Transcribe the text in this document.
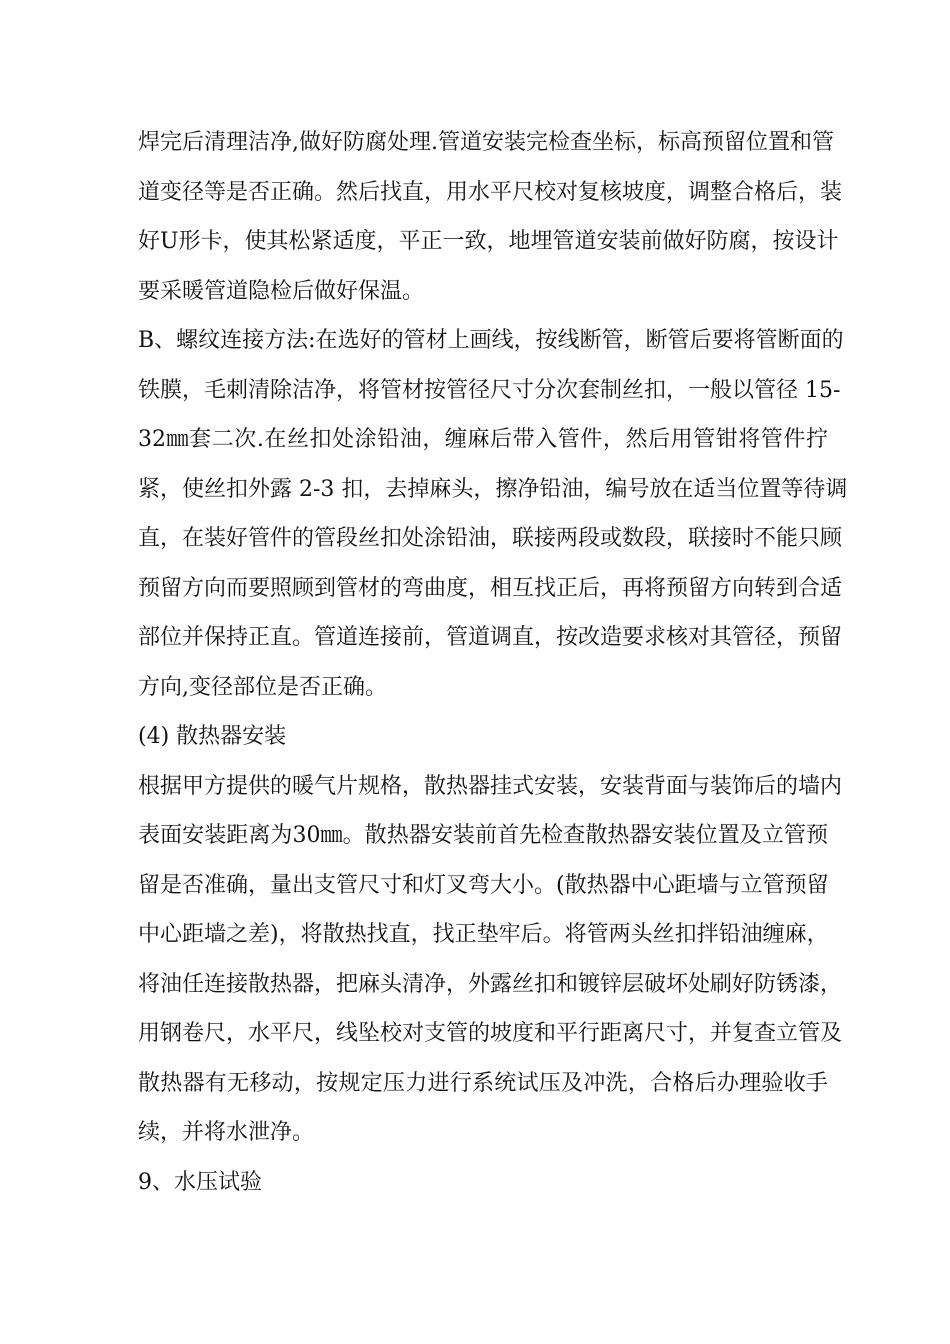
焊完后清理洁净,做好防腐处理.管道安装完检查坐标，标高预留位置和管
道变径等是否正确。然后找直，用水平尺校对复核坡度，调整合格后，装
好U形卡，使其松紧适度，平正一致，地埋管道安装前做好防腐，按设计
要采暖管道隐检后做好保温。
B、螺纹连接方法:在选好的管材上画线，按线断管，断管后要将管断面的
铁膜，毛刺清除洁净，将管材按管径尺寸分次套制丝扣，一般以管径 15-
32㎜套二次.在丝扣处涂铅油，缠麻后带入管件，然后用管钳将管件拧
紧，使丝扣外露 2-3 扣，去掉麻头，擦净铅油，编号放在适当位置等待调
直，在装好管件的管段丝扣处涂铅油，联接两段或数段，联接时不能只顾
预留方向而要照顾到管材的弯曲度，相互找正后，再将预留方向转到合适
部位并保持正直。管道连接前，管道调直，按改造要求核对其管径，预留
方向,变径部位是否正确。
(4) 散热器安装
根据甲方提供的暖气片规格，散热器挂式安装，安装背面与装饰后的墙内
表面安装距离为30㎜。散热器安装前首先检查散热器安装位置及立管预
留是否准确，量出支管尺寸和灯叉弯大小。(散热器中心距墙与立管预留
中心距墙之差)，将散热找直，找正垫牢后。将管两头丝扣拌铅油缠麻，
将油任连接散热器，把麻头清净，外露丝扣和镀锌层破坏处刷好防锈漆，
用钢卷尺，水平尺，线坠校对支管的坡度和平行距离尺寸，并复查立管及
散热器有无移动，按规定压力进行系统试压及冲洗，合格后办理验收手
续，并将水泄净。
9、水压试验
